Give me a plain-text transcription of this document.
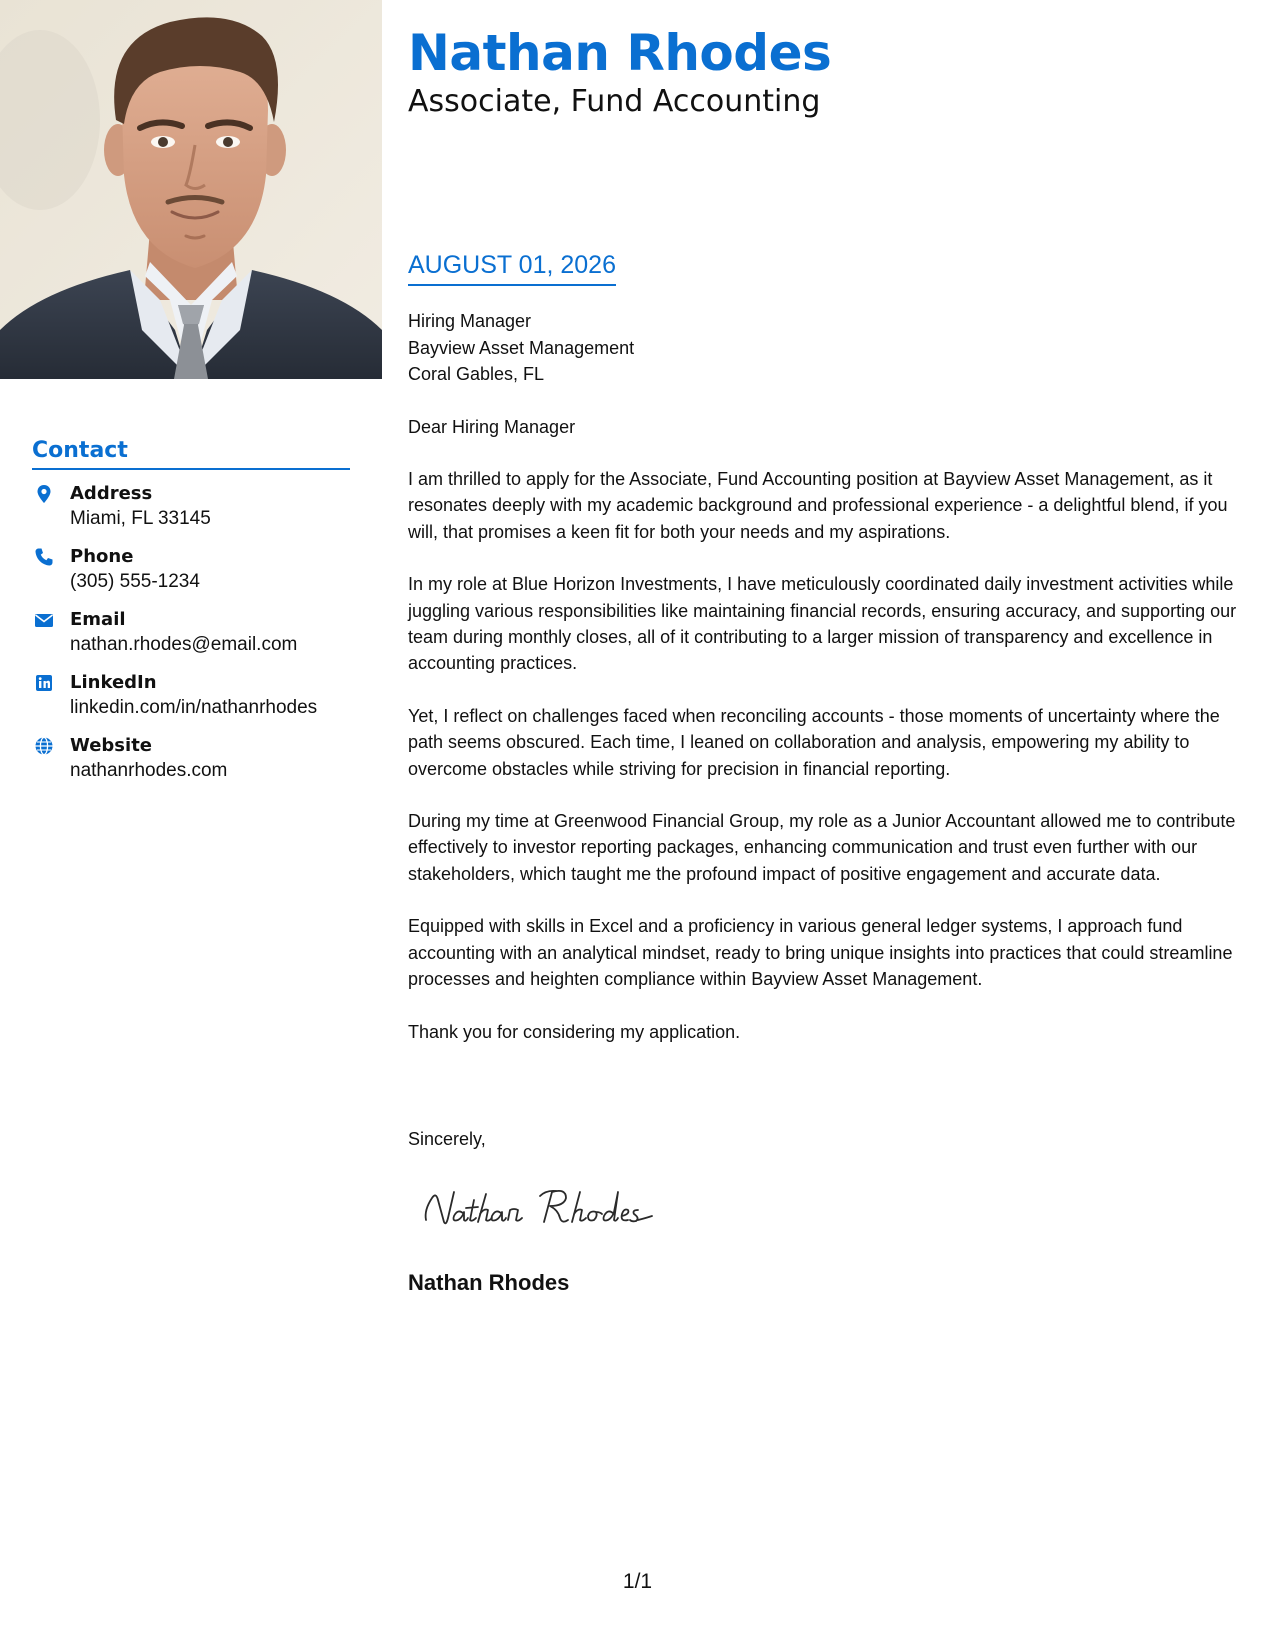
Contact
Address
Miami, FL 33145
Phone
(305) 555-1234
Email
nathan.rhodes@email.com
LinkedIn
linkedin.com/in/nathanrhodes
Website
nathanrhodes.com
Nathan Rhodes
Associate, Fund Accounting
AUGUST 01, 2026
Hiring Manager
Bayview Asset Management
Coral Gables, FL
Dear Hiring Manager

I am thrilled to apply for the Associate, Fund Accounting position at Bayview Asset Management, as it resonates deeply with my academic background and professional experience - a delightful blend, if you will, that promises a keen fit for both your needs and my aspirations.

In my role at Blue Horizon Investments, I have meticulously coordinated daily investment activities while juggling various responsibilities like maintaining financial records, ensuring accuracy, and supporting our team during monthly closes, all of it contributing to a larger mission of transparency and excellence in accounting practices.

Yet, I reflect on challenges faced when reconciling accounts - those moments of uncertainty where the path seems obscured. Each time, I leaned on collaboration and analysis, empowering my ability to overcome obstacles while striving for precision in financial reporting.

During my time at Greenwood Financial Group, my role as a Junior Accountant allowed me to contribute effectively to investor reporting packages, enhancing communication and trust even further with our stakeholders, which taught me the profound impact of positive engagement and accurate data.

Equipped with skills in Excel and a proficiency in various general ledger systems, I approach fund accounting with an analytical mindset, ready to bring unique insights into practices that could streamline processes and heighten compliance within Bayview Asset Management.

Thank you for considering my application.

Sincerely,
Nathan Rhodes
1/1
